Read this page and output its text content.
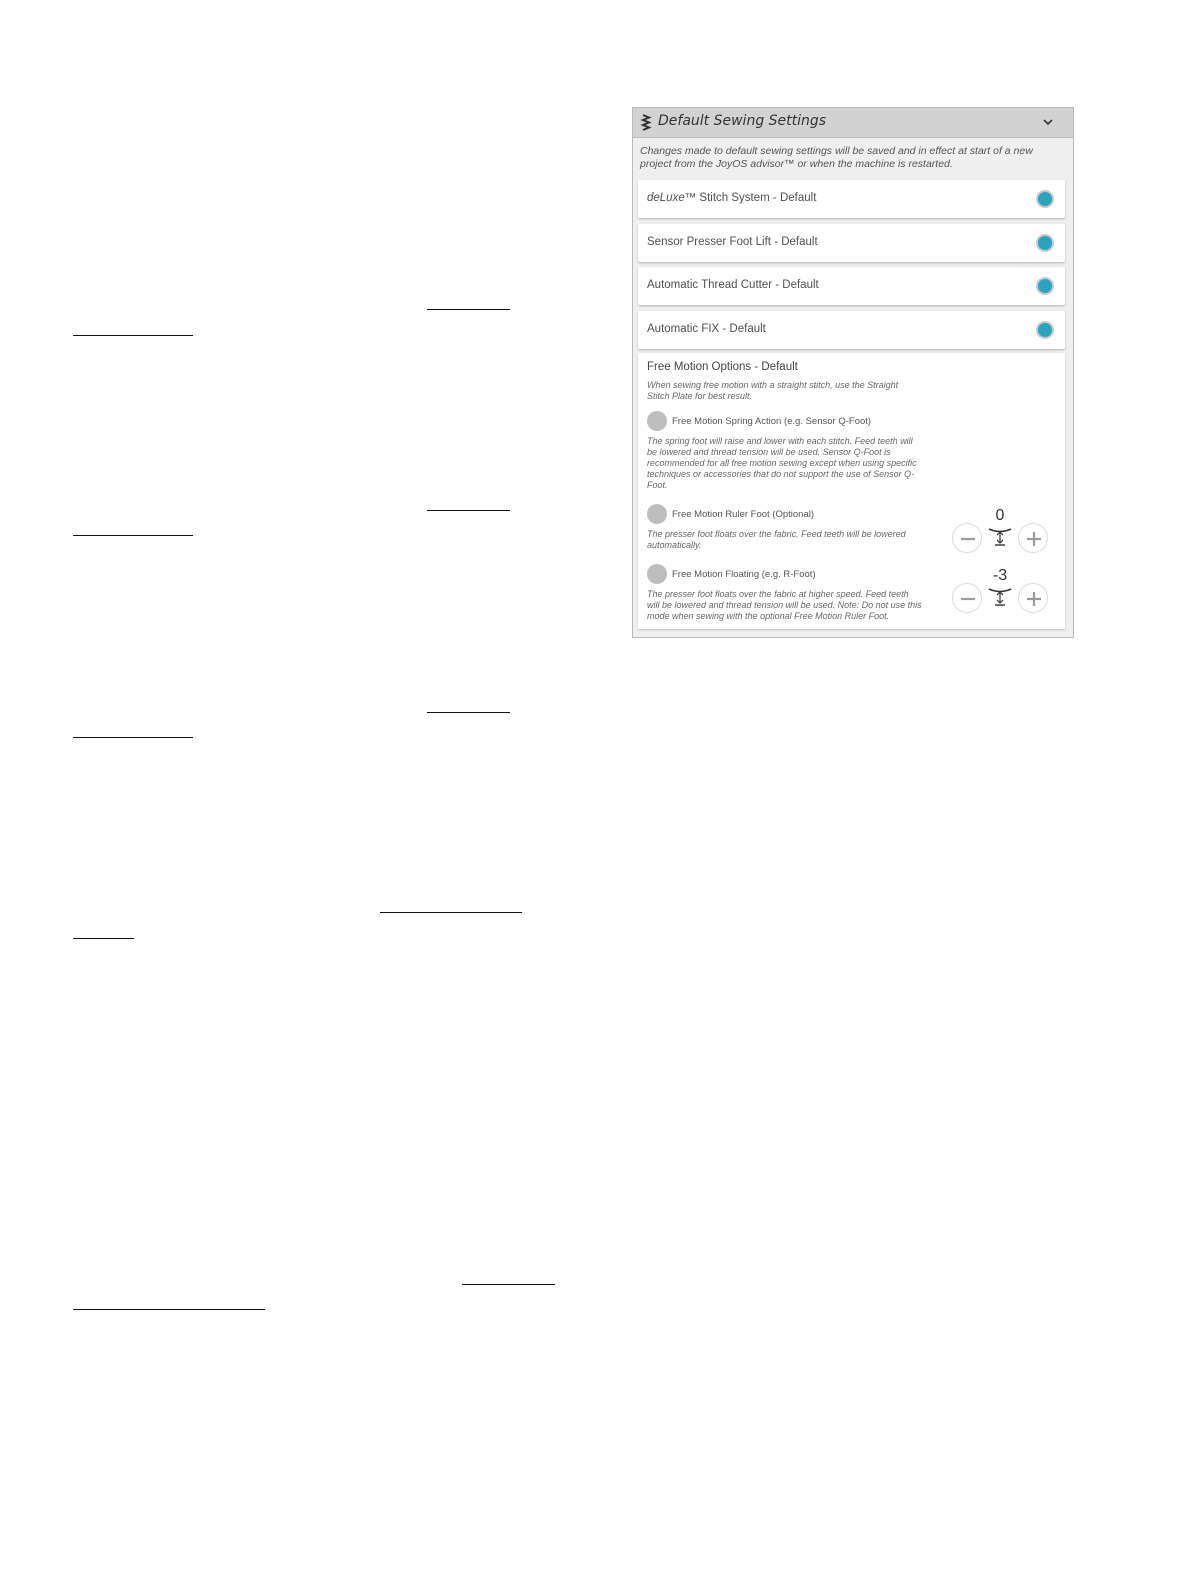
Default Sewing Settings
Changes made to default sewing settings will be saved and in effect at start of a new project from the JoyOS advisor™ or when the machine is restarted.
deLuxe™ Stitch System - Default
Sensor Presser Foot Lift - Default
Automatic Thread Cutter - Default
Automatic FIX - Default
Free Motion Options - Default
When sewing free motion with a straight stitch, use the Straight Stitch Plate for best result.
Free Motion Spring Action (e.g. Sensor Q-Foot)
The spring foot will raise and lower with each stitch. Feed teeth will be lowered and thread tension will be used. Sensor Q-Foot is recommended for all free motion sewing except when using specific techniques or accessories that do not support the use of Sensor Q-Foot.
Free Motion Ruler Foot (Optional)
The presser foot floats over the fabric. Feed teeth will be lowered automatically.
0
Free Motion Floating (e.g. R-Foot)
The presser foot floats over the fabric at higher speed. Feed teeth will be lowered and thread tension will be used. Note: Do not use this mode when sewing with the optional Free Motion Ruler Foot.
-3
